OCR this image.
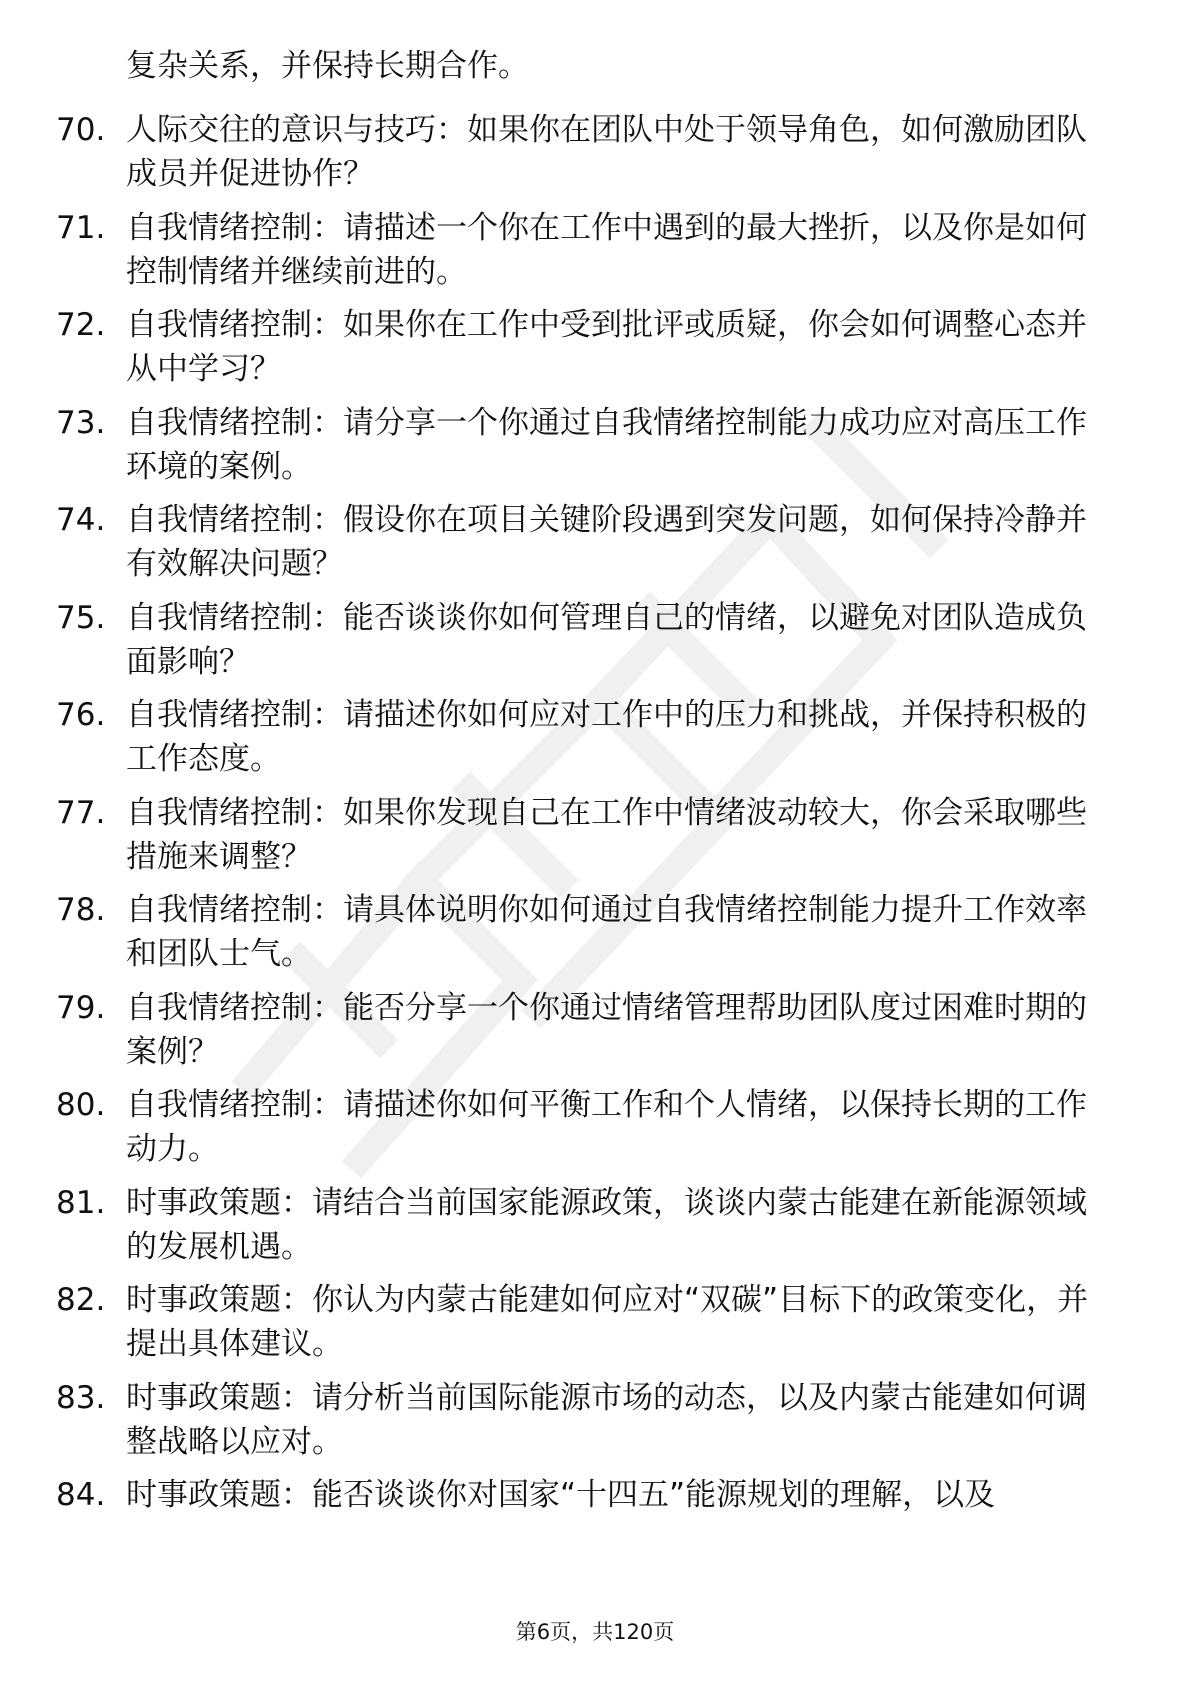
复杂关系，并保持长期合作。
70. 人际交往的意识与技巧：如果你在团队中处于领导角色，如何激励团队成员并促进协作？
71. 自我情绪控制：请描述一个你在工作中遇到的最大挫折，以及你是如何控制情绪并继续前进的。
72. 自我情绪控制：如果你在工作中受到批评或质疑，你会如何调整心态并从中学习？
73. 自我情绪控制：请分享一个你通过自我情绪控制能力成功应对高压工作环境的案例。
74. 自我情绪控制：假设你在项目关键阶段遇到突发问题，如何保持冷静并有效解决问题？
75. 自我情绪控制：能否谈谈你如何管理自己的情绪，以避免对团队造成负面影响？
76. 自我情绪控制：请描述你如何应对工作中的压力和挑战，并保持积极的工作态度。
77. 自我情绪控制：如果你发现自己在工作中情绪波动较大，你会采取哪些措施来调整？
78. 自我情绪控制：请具体说明你如何通过自我情绪控制能力提升工作效率和团队士气。
79. 自我情绪控制：能否分享一个你通过情绪管理帮助团队度过困难时期的案例？
80. 自我情绪控制：请描述你如何平衡工作和个人情绪，以保持长期的工作动力。
81. 时事政策题：请结合当前国家能源政策，谈谈内蒙古能建在新能源领域的发展机遇。
82. 时事政策题：你认为内蒙古能建如何应对“双碳”目标下的政策变化，并提出具体建议。
83. 时事政策题：请分析当前国际能源市场的动态，以及内蒙古能建如何调整战略以应对。
84. 时事政策题：能否谈谈你对国家“十四五”能源规划的理解，以及
第6页，共120页
